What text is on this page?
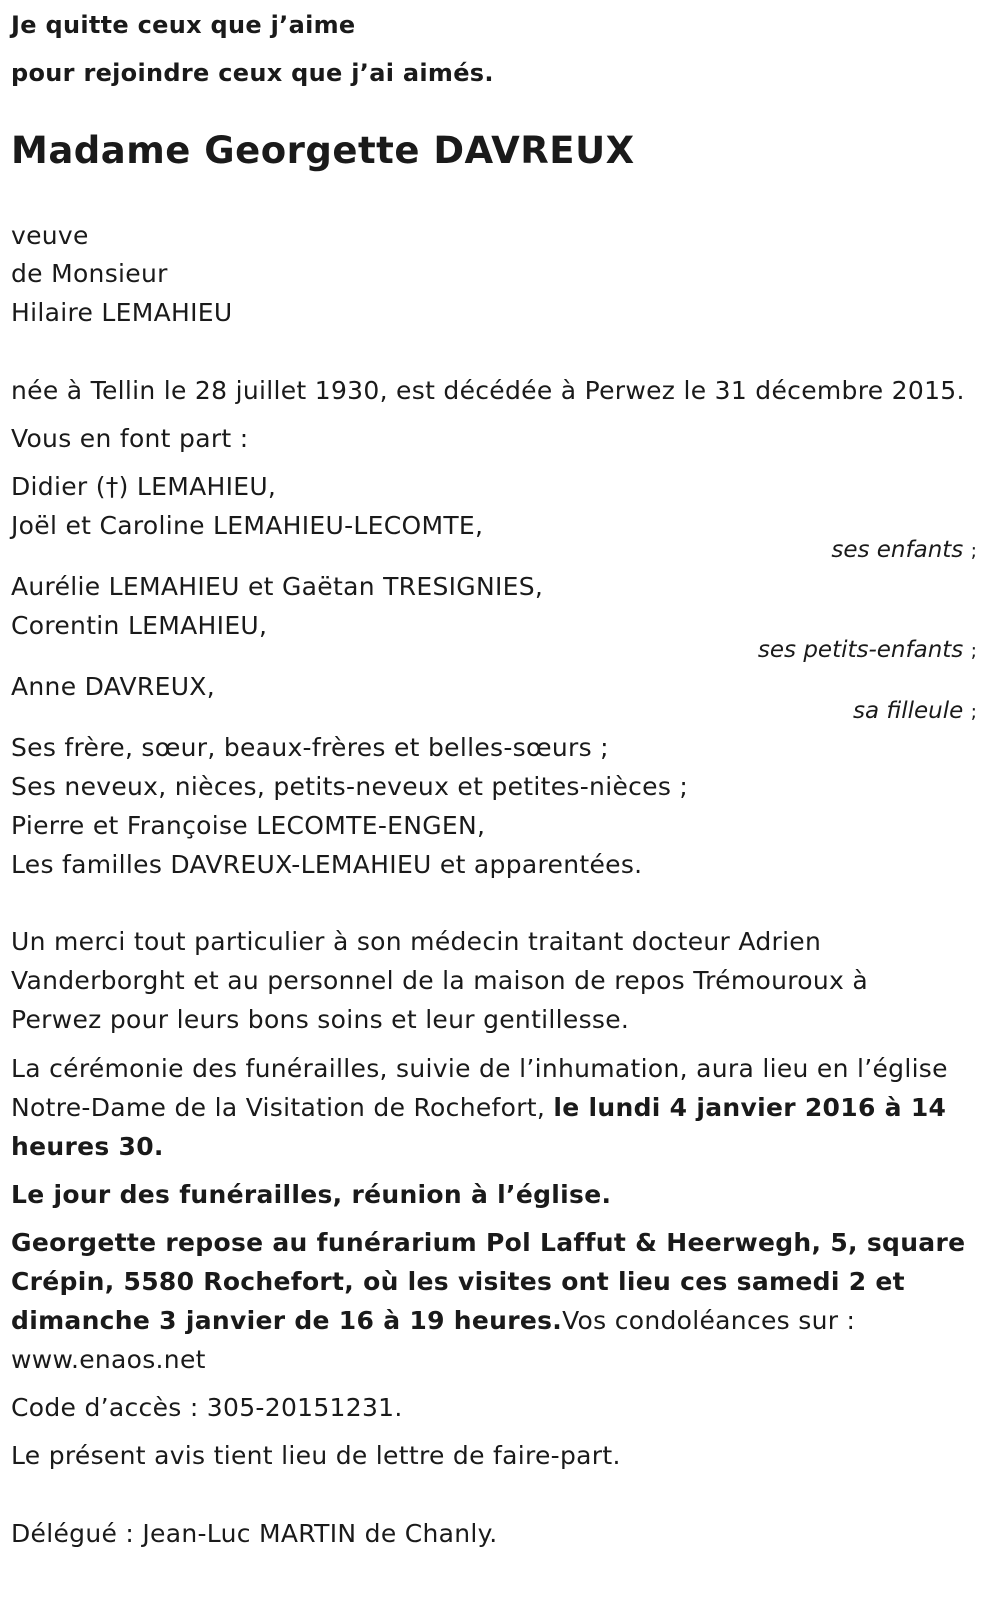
Je quitte ceux que j’aime
pour rejoindre ceux que j’ai aimés.
Madame Georgette DAVREUX
veuve
de Monsieur
Hilaire LEMAHIEU
née à Tellin le 28 juillet 1930, est décédée à Perwez le 31 décembre 2015.
Vous en font part :
Didier (†) LEMAHIEU,
Joël et Caroline LEMAHIEU-LECOMTE,
ses enfants ;
Aurélie LEMAHIEU et Gaëtan TRESIGNIES,
Corentin LEMAHIEU,
ses petits-enfants ;
Anne DAVREUX,
sa filleule ;
Ses frère, sœur, beaux-frères et belles-sœurs ;
Ses neveux, nièces, petits-neveux et petites-nièces ;
Pierre et Françoise LECOMTE-ENGEN,
Les familles DAVREUX-LEMAHIEU et apparentées.
Un merci tout particulier à son médecin traitant docteur Adrien
Vanderborght et au personnel de la maison de repos Trémouroux à
Perwez pour leurs bons soins et leur gentillesse.
La cérémonie des funérailles, suivie de l’inhumation, aura lieu en l’église
Notre-Dame de la Visitation de Rochefort, le lundi 4 janvier 2016 à 14
heures 30.
Le jour des funérailles, réunion à l’église.
Georgette repose au funérarium Pol Laffut & Heerwegh, 5, square
Crépin, 5580 Rochefort, où les visites ont lieu ces samedi 2 et
dimanche 3 janvier de 16 à 19 heures.Vos condoléances sur :
www.enaos.net
Code d’accès : 305-20151231.
Le présent avis tient lieu de lettre de faire-part.
Délégué : Jean-Luc MARTIN de Chanly.
